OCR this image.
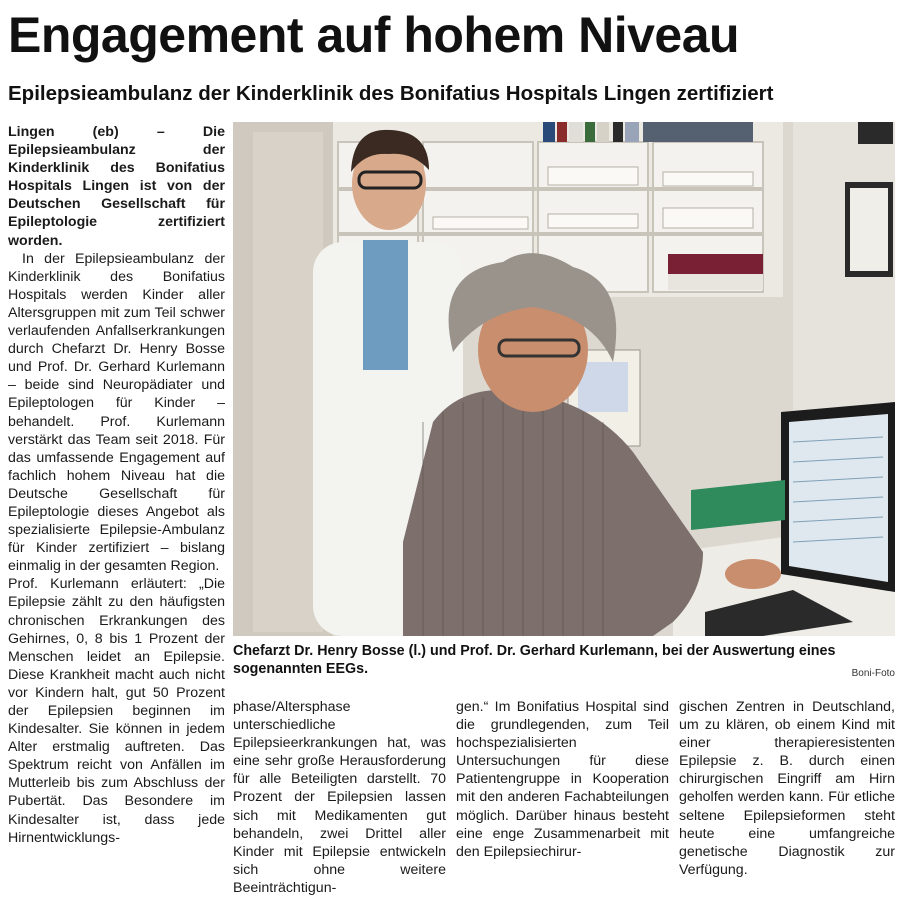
Engagement auf hohem Niveau
Epilepsieambulanz der Kinderklinik des Bonifatius Hospitals Lingen zertifiziert

Lingen (eb) – Die Epilepsieambulanz der Kinderklinik des Bonifatius Hospitals Lingen ist von der Deutschen Gesellschaft für Epileptologie zertifiziert worden.

In der Epilepsieambulanz der Kinderklinik des Bonifatius Hospitals werden Kinder aller Altersgruppen mit zum Teil schwer verlaufenden Anfallserkrankungen durch Chefarzt Dr. Henry Bosse und Prof. Dr. Gerhard Kurlemann – beide sind Neuropädiater und Epileptologen für Kinder – behandelt. Prof. Kurlemann verstärkt das Team seit 2018. Für das umfassende Engagement auf fachlich hohem Niveau hat die Deutsche Gesellschaft für Epileptologie dieses Angebot als spezialisierte Epilepsie-Ambulanz für Kinder zertifiziert – bislang einmalig in der gesamten Region.

Prof. Kurlemann erläutert: „Die Epilepsie zählt zu den häufigsten chronischen Erkrankungen des Gehirnes, 0, 8 bis 1 Prozent der Menschen leidet an Epilepsie. Diese Krankheit macht auch nicht vor Kindern halt, gut 50 Prozent der Epilepsien beginnen im Kindesalter. Sie können in jedem Alter erstmalig auftreten. Das Spektrum reicht von Anfällen im Mutterleib bis zum Abschluss der Pubertät. Das Besondere im Kindesalter ist, dass jede Hirnentwicklungs-

Chefarzt Dr. Henry Bosse (l.) und Prof. Dr. Gerhard Kurlemann, bei der Auswertung eines sogenannten EEGs.	Boni-Foto

phase/Altersphase unterschiedliche Epilepsieerkrankungen hat, was eine sehr große Herausforderung für alle Beteiligten darstellt. 70 Prozent der Epilepsien lassen sich mit Medikamenten gut behandeln, zwei Drittel aller Kinder mit Epilepsie entwickeln sich ohne weitere Beeinträchtigun-

gen.“ Im Bonifatius Hospital sind die grundlegenden, zum Teil hochspezialisierten Untersuchungen für diese Patientengruppe in Kooperation mit den anderen Fachabteilungen möglich. Darüber hinaus besteht eine enge Zusammenarbeit mit den Epilepsiechirur-

gischen Zentren in Deutschland, um zu klären, ob einem Kind mit einer therapieresistenten Epilepsie z. B. durch einen chirurgischen Eingriff am Hirn geholfen werden kann. Für etliche seltene Epilepsieformen steht heute eine umfangreiche genetische Diagnostik zur Verfügung.
